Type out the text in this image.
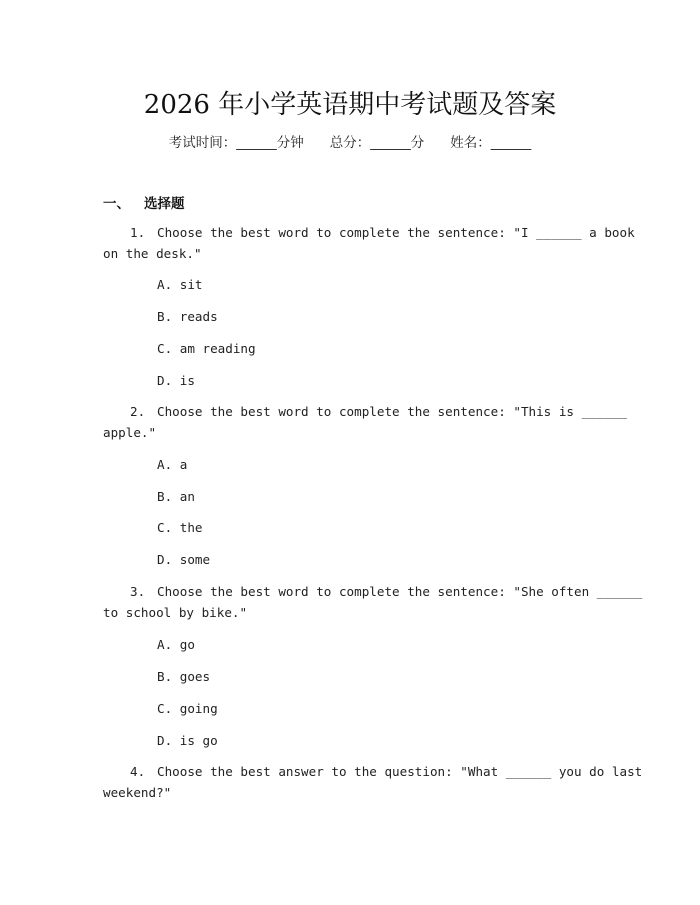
2026 年小学英语期中考试题及答案
考试时间：______分钟 总分：______分 姓名：______
一、 选择题
1. Choose the best word to complete the sentence: "I ______ a book
on the desk."
A. sit
B. reads
C. am reading
D. is
2. Choose the best word to complete the sentence: "This is ______
apple."
A. a
B. an
C. the
D. some
3. Choose the best word to complete the sentence: "She often ______
to school by bike."
A. go
B. goes
C. going
D. is go
4. Choose the best answer to the question: "What ______ you do last
weekend?"
